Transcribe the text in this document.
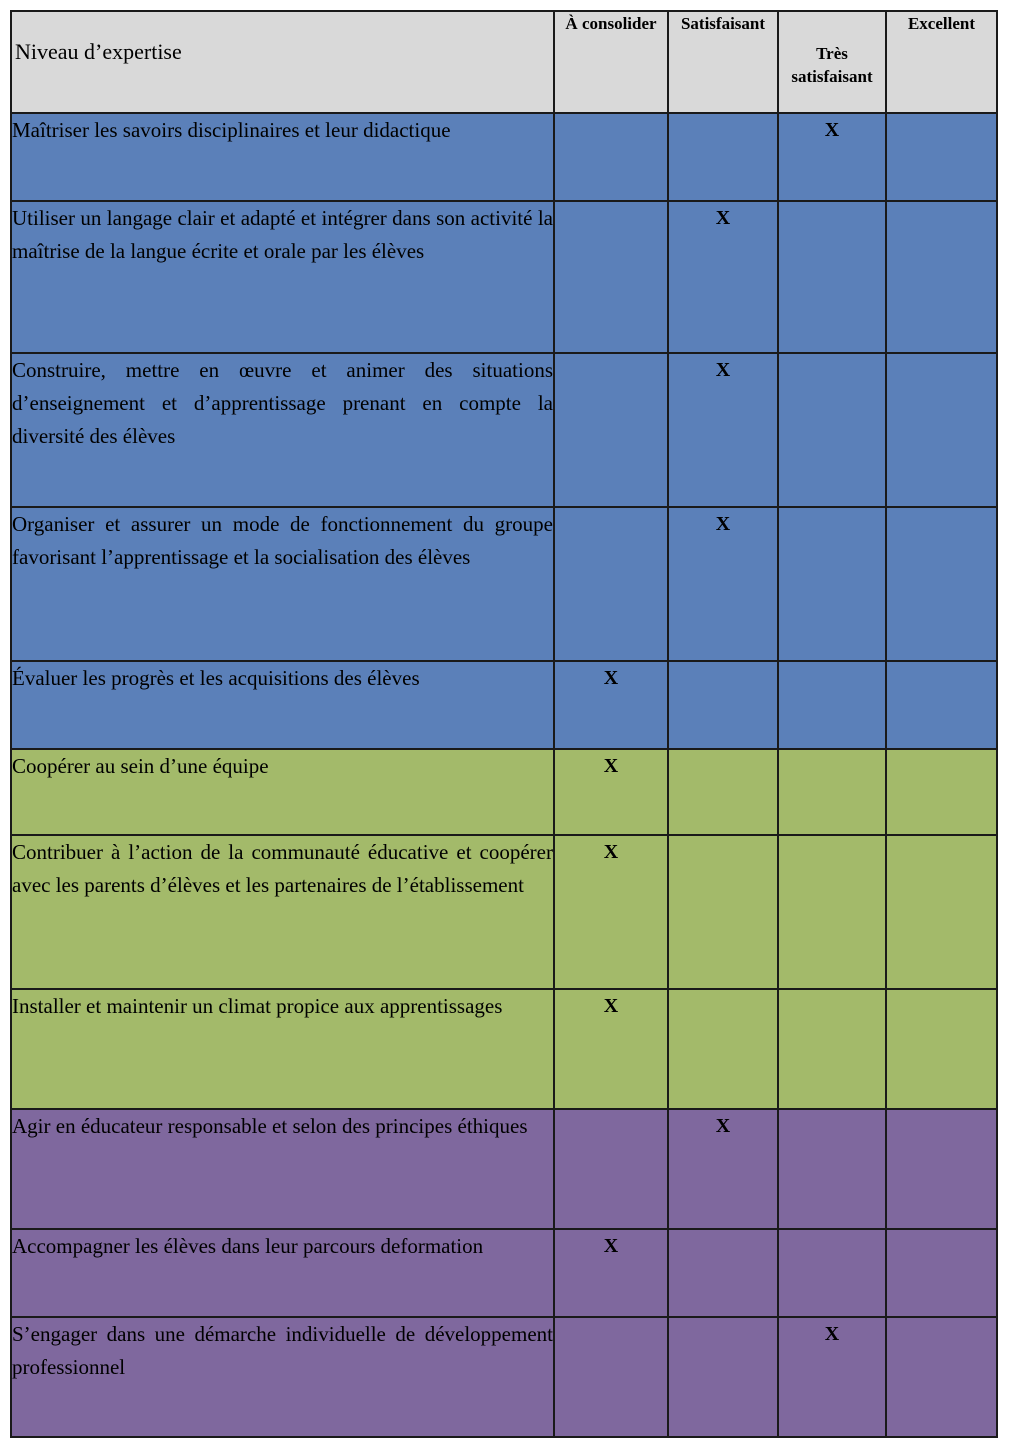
Niveau d’expertise	À consolider	Satisfaisant	Très satisfaisant	Excellent
Maîtriser les savoirs disciplinaires et leur didactique			X	
Utiliser un langage clair et adapté et intégrer dans son activité la maîtrise de la langue écrite et orale par les élèves		X		
Construire, mettre en œuvre et animer des situations d’enseignement et d’apprentissage prenant en compte la diversité des élèves		X		
Organiser et assurer un mode de fonctionnement du groupe favorisant l’apprentissage et la socialisation des élèves		X		
Évaluer les progrès et les acquisitions des élèves	X			
Coopérer au sein d’une équipe	X			
Contribuer à l’action de la communauté éducative et coopérer avec les parents d’élèves et les partenaires de l’établissement	X			
Installer et maintenir un climat propice aux apprentissages	X			
Agir en éducateur responsable et selon des principes éthiques		X		
Accompagner les élèves dans leur parcours deformation	X			
S’engager dans une démarche individuelle de développement professionnel			X	
